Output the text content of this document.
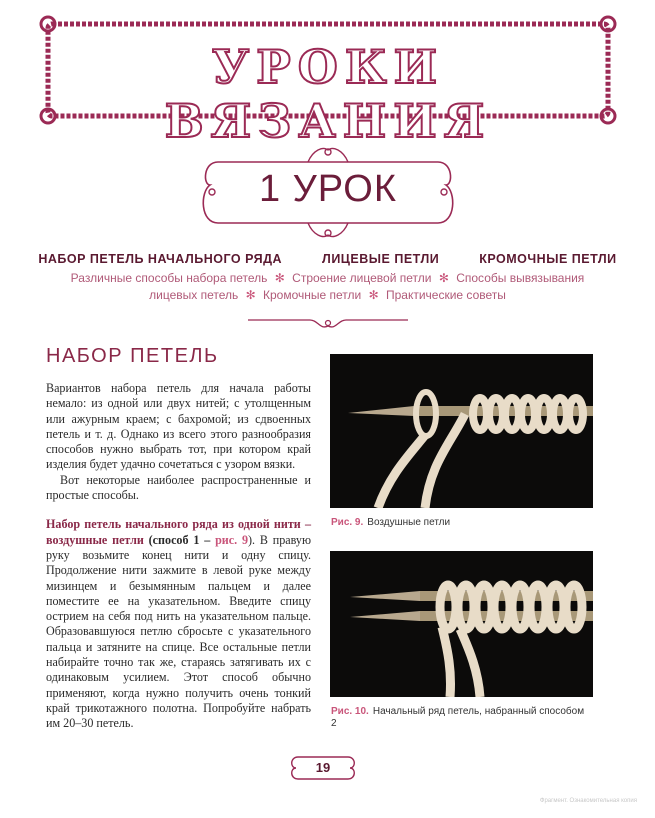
УРОКИ ВЯЗАНИЯ
1 УРОК
НАБОР ПЕТЕЛЬ НАЧАЛЬНОГО РЯДА	ЛИЦЕВЫЕ ПЕТЛИ	КРОМОЧНЫЕ ПЕТЛИ
Различные способы набора петель ✻ Строение лицевой петли ✻ Способы вывязывания лицевых петель ✻ Кромочные петли ✻ Практические советы
НАБОР ПЕТЕЛЬ

Вариантов набора петель для начала работы немало: из одной или двух нитей; с утолщенным или ажурным краем; с бахромой; из сдвоенных петель и т. д. Однако из всего этого разнообразия способов нужно выбрать тот, при котором край изделия будет удачно сочетаться с узором вязки.

Вот некоторые наиболее распространенные и простые способы.

Набор петель начального ряда из одной нити – воздушные петли (способ 1 – рис. 9). В правую руку возьмите конец нити и одну спицу. Продолжение нити зажмите в левой руке между мизинцем и безымянным пальцем и далее поместите ее на указательном. Введите спицу острием на себя под нить на указательном пальце. Образовавшуюся петлю сбросьте с указательного пальца и затяните на спице. Все остальные петли набирайте точно так же, стараясь затягивать их с одинаковым усилием. Этот способ обычно применяют, когда нужно получить очень тонкий край трикотажного полотна. Попробуйте набрать им 20–30 петель.

Рис. 9. Воздушные петли
Рис. 10. Начальный ряд петель, набранный способом 2
19
Фрагмент. Ознакомительная копия
